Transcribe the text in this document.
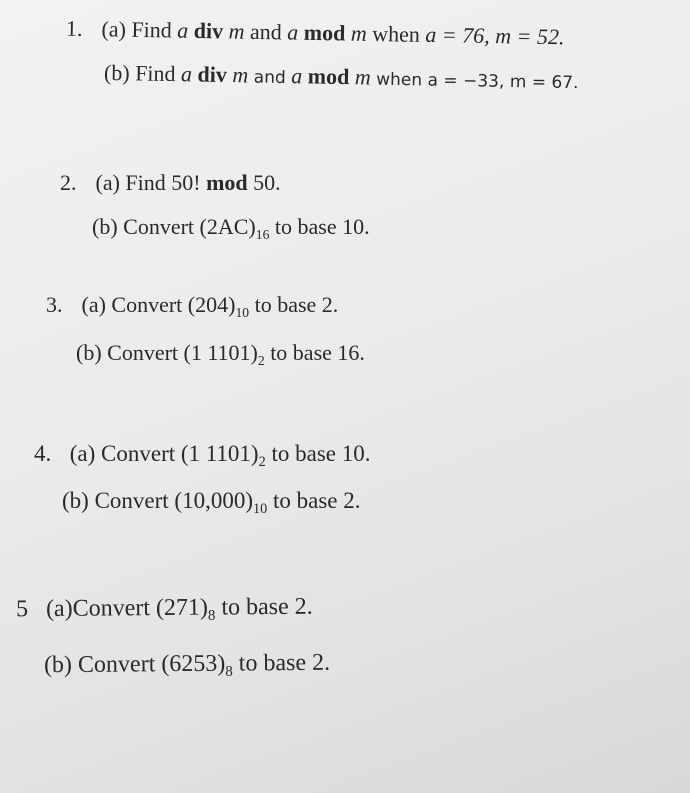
1. (a) Find a div m and a mod m when a = 76, m = 52.
(b) Find a div m and a mod m when a = −33, m = 67.
2. (a) Find 50! mod 50.
(b) Convert $(2AC)_{16}$ to base 10.
3. (a) Convert $(204)_{10}$ to base 2.
(b) Convert (1 $1101)_2$ to base 16.
4. (a) Convert (1 $1101)_2$ to base 10.
(b) Convert $(10,000)_{10}$ to base 2.
5 (a)Convert $(271)_8$ to base 2.
(b) Convert $(6253)_8$ to base 2.
